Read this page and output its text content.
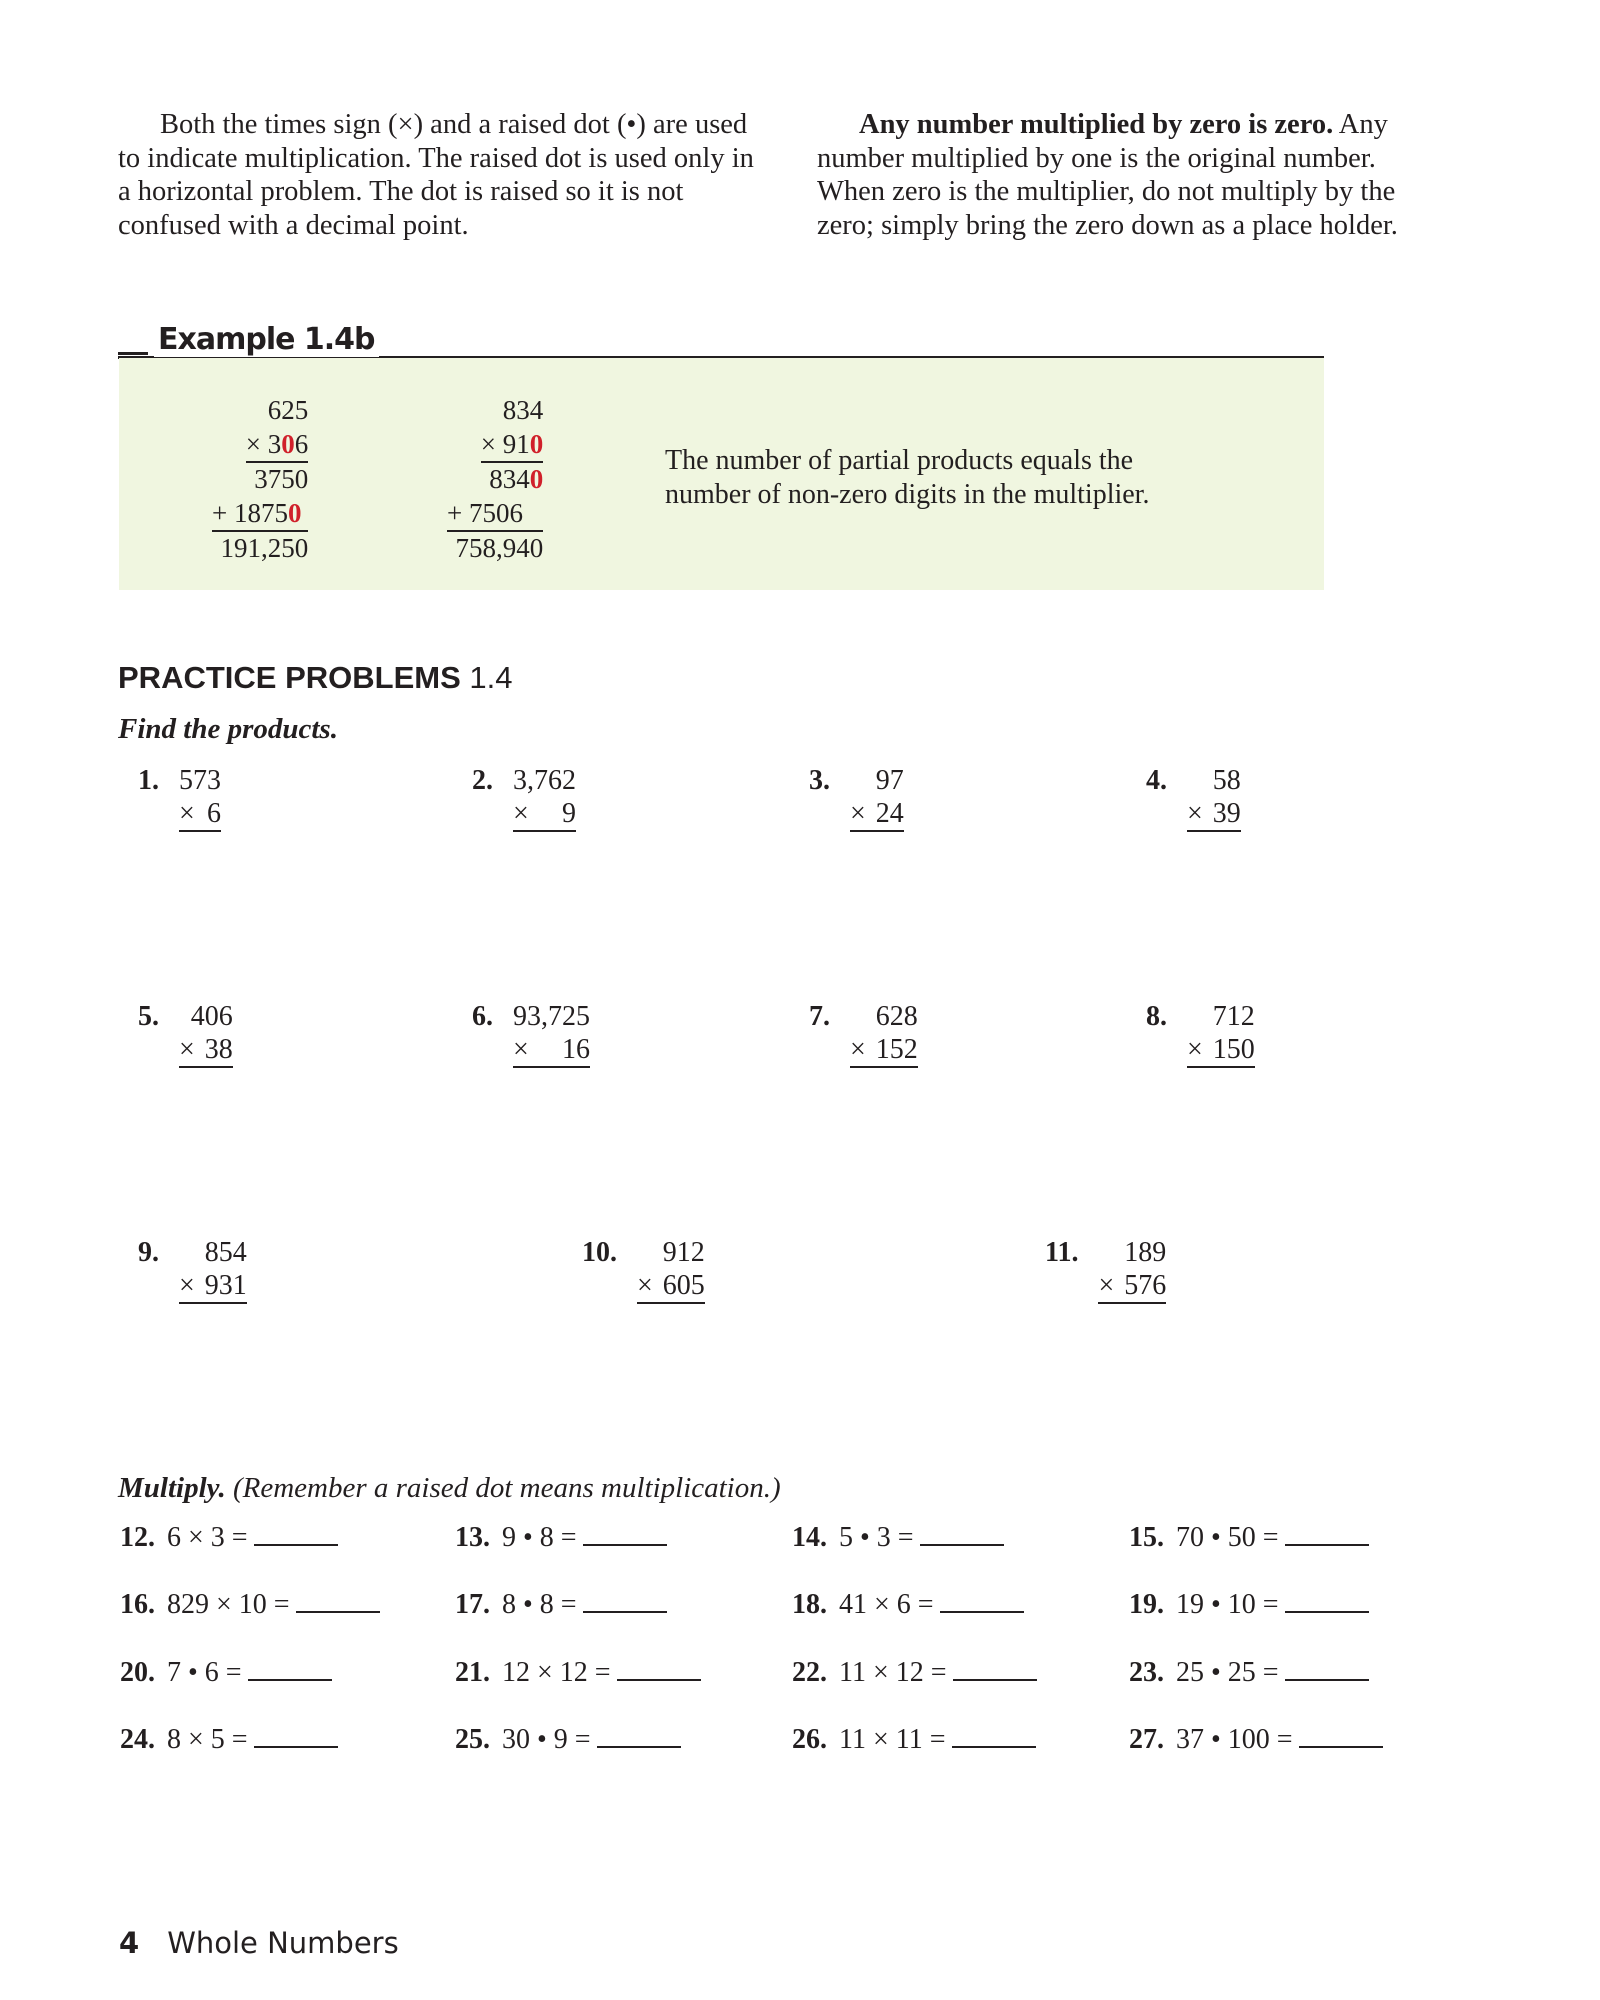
Both the times sign (×) and a raised dot (•) are used to indicate multiplication. The raised dot is used only in a horizontal problem. The dot is raised so it is not confused with a decimal point.

Any number multiplied by zero is zero. Any number multiplied by one is the original number. When zero is the multiplier, do not multiply by the zero; simply bring the zero down as a place holder.

Example 1.4b
625
× 306
3750
+ 18750
191,250
834
× 910
8340
+ 7506
758,940
The number of partial products equals the
number of non-zero digits in the multiplier.
PRACTICE PROBLEMS 1.4
Find the products.
1. 573
× 6
2. 3,762
× 9
3.	97
× 24
4.	58
× 39
5.	406
× 38
6. 93,725
× 16
7.	628
× 152
8.	712
× 150
9.	854
× 931
10.	912
× 605
11.	189
× 576
Multiply. (Remember a raised dot means multiplication.)
12. 6 × 3 =	13. 9 • 8 =	14. 5 • 3 =	15. 70 • 50 =
16. 829 × 10 =	17. 8 • 8 =	18. 41 × 6 =	19. 19 • 10 =
20. 7 • 6 =	21. 12 × 12 =	22. 11 × 12 =	23. 25 • 25 =
24. 8 × 5 =	25. 30 • 9 =	26. 11 × 11 =	27. 37 • 100 =
4 Whole Numbers
